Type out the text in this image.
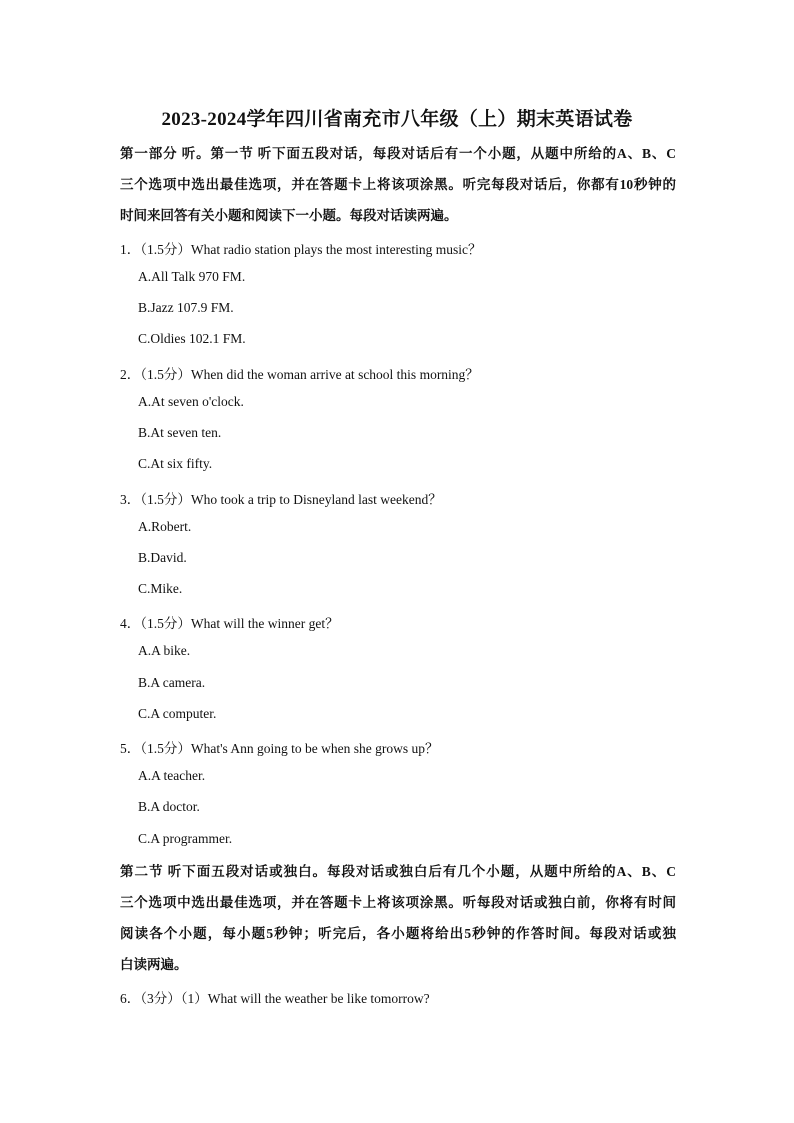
2023-2024学年四川省南充市八年级（上）期末英语试卷
第一部分 听。第一节 听下面五段对话，每段对话后有一个小题，从题中所给的A、B、C
三个选项中选出最佳选项，并在答题卡上将该项涂黑。听完每段对话后，你都有10秒钟的
时间来回答有关小题和阅读下一小题。每段对话读两遍。
1．（1.5分）What radio station plays the most interesting music？
A.All Talk 970 FM.
B.Jazz 107.9 FM.
C.Oldies 102.1 FM.
2．（1.5分）When did the woman arrive at school this morning？
A.At seven o'clock.
B.At seven ten.
C.At six fifty.
3．（1.5分）Who took a trip to Disneyland last weekend？
A.Robert.
B.David.
C.Mike.
4．（1.5分）What will the winner get？
A.A bike.
B.A camera.
C.A computer.
5．（1.5分）What's Ann going to be when she grows up？
A.A teacher.
B.A doctor.
C.A programmer.
第二节 听下面五段对话或独白。每段对话或独白后有几个小题，从题中所给的A、B、C
三个选项中选出最佳选项，并在答题卡上将该项涂黑。听每段对话或独白前，你将有时间
阅读各个小题，每小题5秒钟；听完后，各小题将给出5秒钟的作答时间。每段对话或独
白读两遍。
6．（3分）（1）What will the weather be like tomorrow?
